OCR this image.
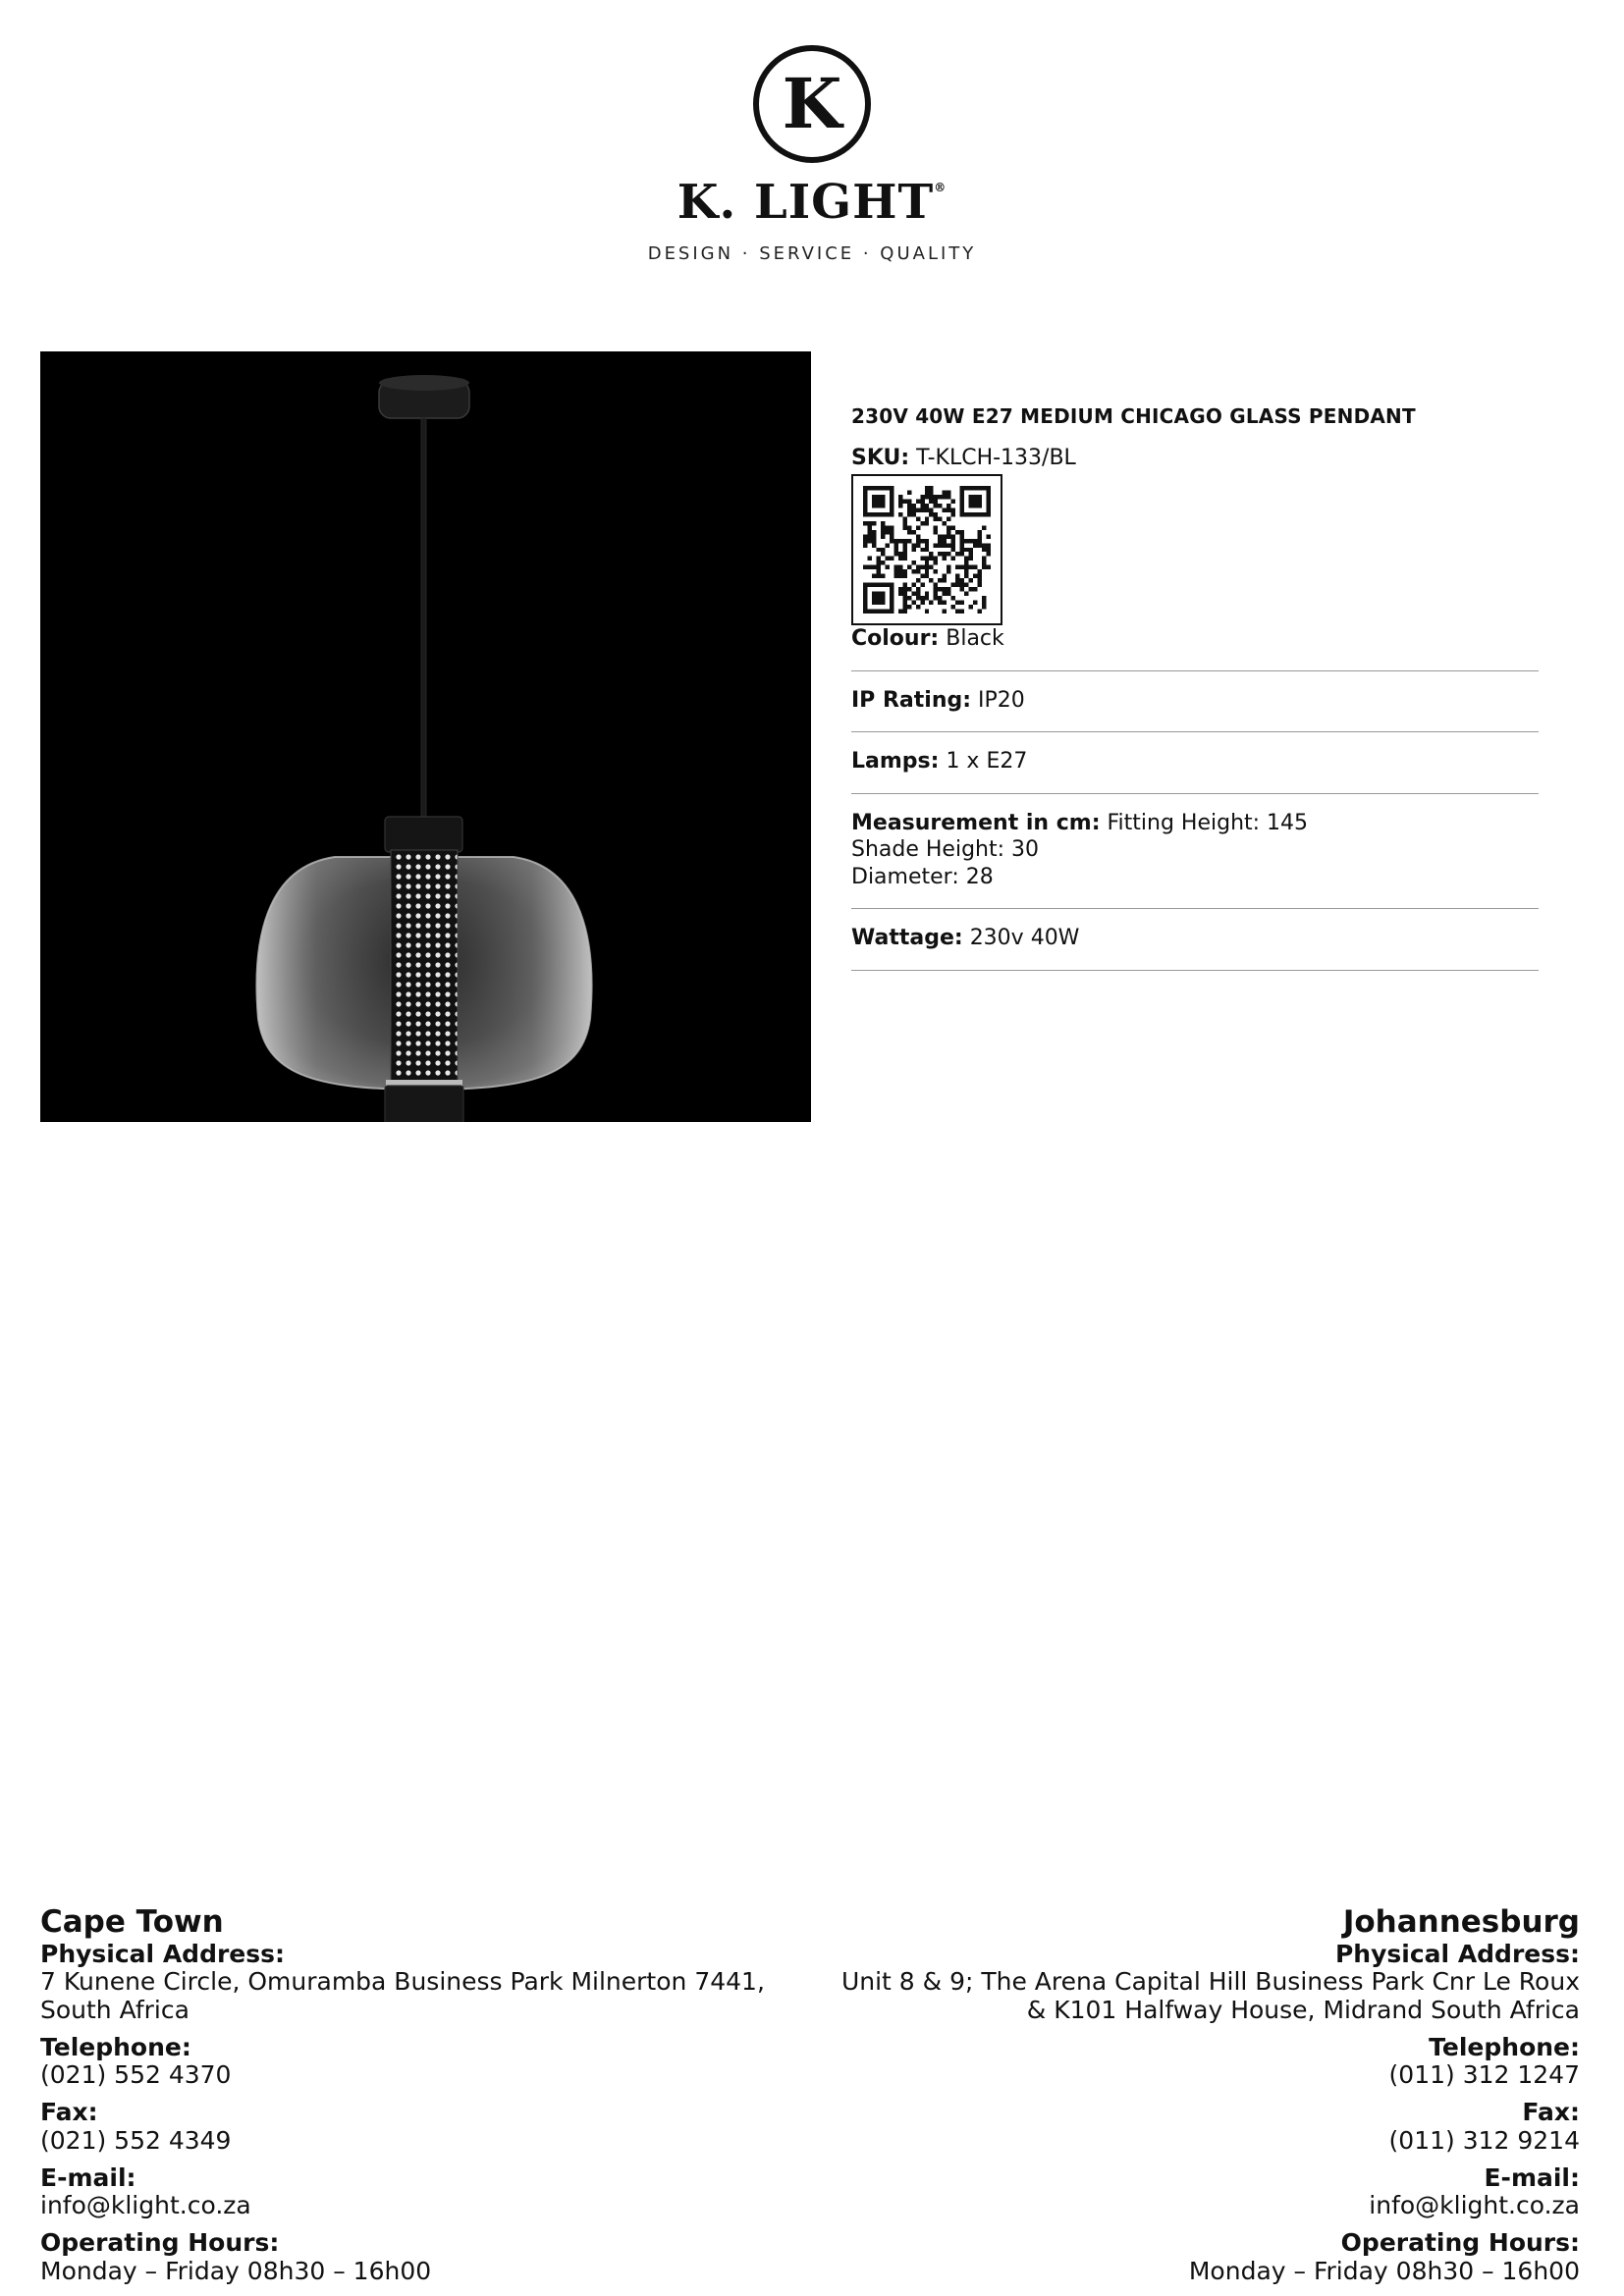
K
K. LIGHT®
DESIGN · SERVICE · QUALITY
230V 40W E27 MEDIUM CHICAGO GLASS PENDANT
SKU: T-KLCH-133/BL
Colour: Black
IP Rating: IP20
Lamps: 1 x E27
Measurement in cm: Fitting Height: 145
Shade Height: 30
Diameter: 28
Wattage: 230v 40W
Cape Town
Physical Address:
7 Kunene Circle, Omuramba Business Park Milnerton 7441,
South Africa
Telephone:
(021) 552 4370
Fax:
(021) 552 4349
E-mail:
info@klight.co.za
Operating Hours:
Monday – Friday 08h30 – 16h00
Johannesburg
Physical Address:
Unit 8 & 9; The Arena Capital Hill Business Park Cnr Le Roux
& K101 Halfway House, Midrand South Africa
Telephone:
(011) 312 1247
Fax:
(011) 312 9214
E-mail:
info@klight.co.za
Operating Hours:
Monday – Friday 08h30 – 16h00
